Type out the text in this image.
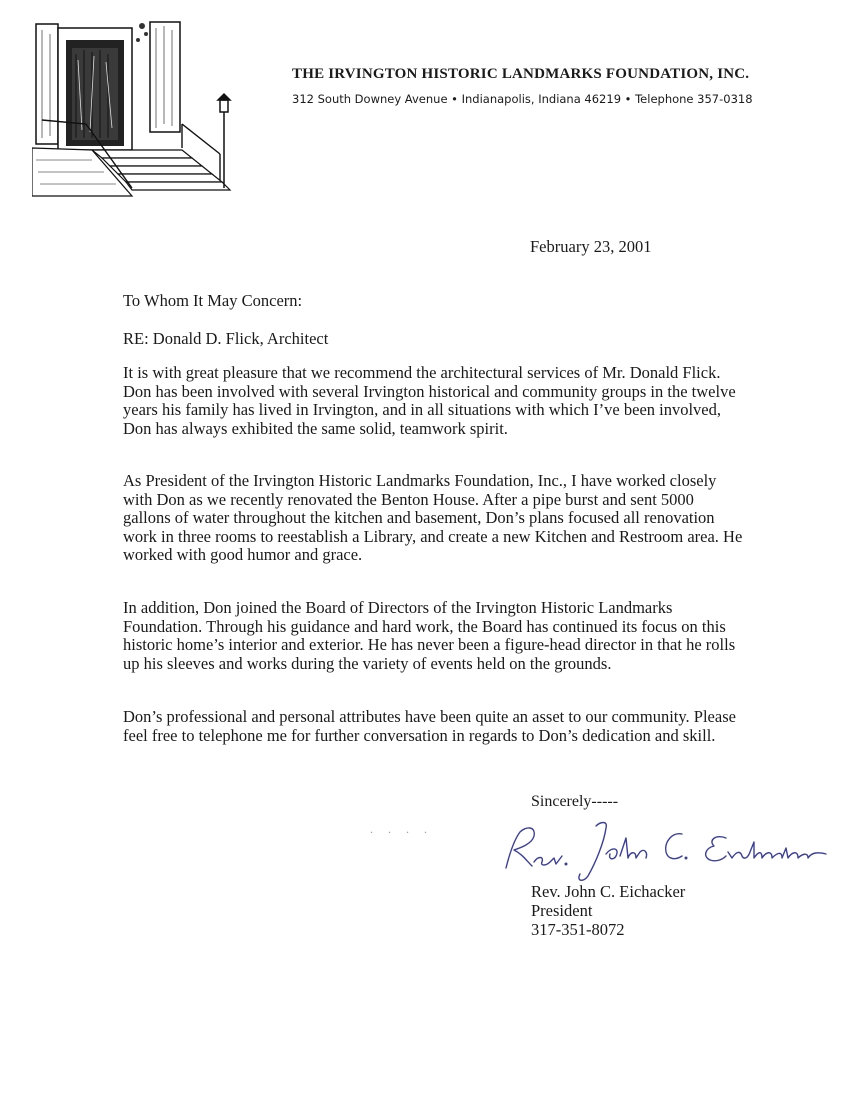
THE IRVINGTON HISTORIC LANDMARKS FOUNDATION, INC.
312 South Downey Avenue • Indianapolis, Indiana 46219 • Telephone 357-0318
February 23, 2001
To Whom It May Concern:
RE: Donald D. Flick, Architect
It is with great pleasure that we recommend the architectural services of Mr. Donald Flick. Don has been involved with several Irvington historical and community groups in the twelve years his family has lived in Irvington, and in all situations with which I’ve been involved, Don has always exhibited the same solid, teamwork spirit.
As President of the Irvington Historic Landmarks Foundation, Inc., I have worked closely with Don as we recently renovated the Benton House. After a pipe burst and sent 5000 gallons of water throughout the kitchen and basement, Don’s plans focused all renovation work in three rooms to reestablish a Library, and create a new Kitchen and Restroom area. He worked with good humor and grace.
In addition, Don joined the Board of Directors of the Irvington Historic Landmarks Foundation. Through his guidance and hard work, the Board has continued its focus on this historic home’s interior and exterior. He has never been a figure-head director in that he rolls up his sleeves and works during the variety of events held on the grounds.
Don’s professional and personal attributes have been quite an asset to our community. Please feel free to telephone me for further conversation in regards to Don’s dedication and skill.
Sincerely-----
. . . .
Rev. John C. Eichacker
President
317-351-8072
